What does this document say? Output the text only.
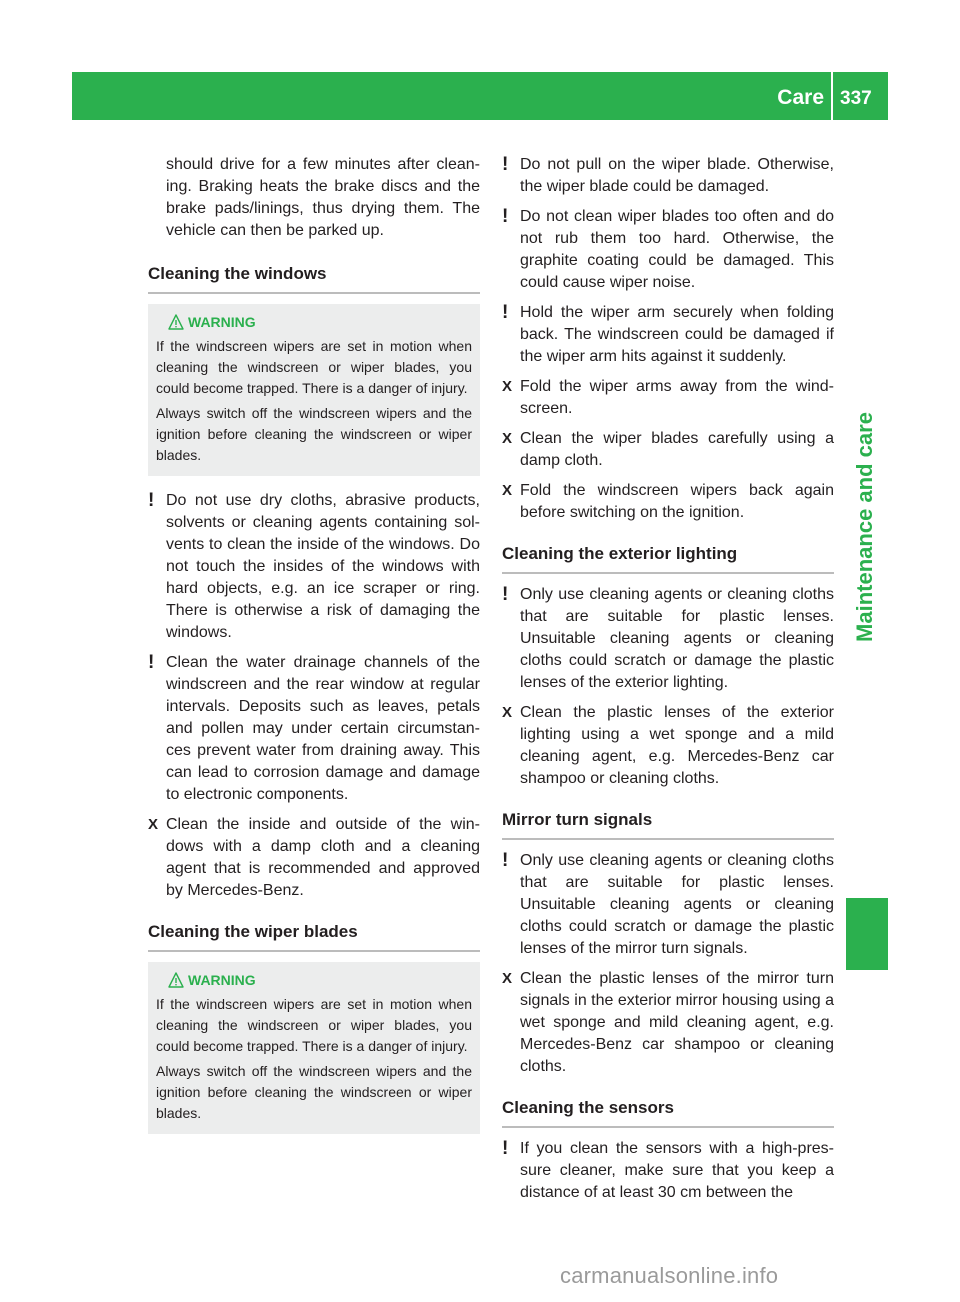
Care 337
Maintenance and care

should drive for a few minutes after clean-ing. Braking heats the brake discs and the brake pads/linings, thus drying them. The vehicle can then be parked up.

Cleaning the windows
WARNING

If the windscreen wipers are set in motion when cleaning the windscreen or wiper blades, you could become trapped. There is a danger of injury.

Always switch off the windscreen wipers and the ignition before cleaning the windscreen or wiper blades.

! Do not use dry cloths, abrasive products, solvents or cleaning agents containing sol-vents to clean the inside of the windows. Do not touch the insides of the windows with hard objects, e.g. an ice scraper or ring. There is otherwise a risk of damaging the windows.
! Clean the water drainage channels of the windscreen and the rear window at regular intervals. Deposits such as leaves, petals and pollen may under certain circumstan-ces prevent water from draining away. This can lead to corrosion damage and damage to electronic components.
X Clean the inside and outside of the win-dows with a damp cloth and a cleaning agent that is recommended and approved by Mercedes-Benz.
Cleaning the wiper blades
WARNING

If the windscreen wipers are set in motion when cleaning the windscreen or wiper blades, you could become trapped. There is a danger of injury.

Always switch off the windscreen wipers and the ignition before cleaning the windscreen or wiper blades.

! Do not pull on the wiper blade. Otherwise, the wiper blade could be damaged.
! Do not clean wiper blades too often and do not rub them too hard. Otherwise, the graphite coating could be damaged. This could cause wiper noise.
! Hold the wiper arm securely when folding back. The windscreen could be damaged if the wiper arm hits against it suddenly.
X Fold the wiper arms away from the wind-screen.
X Clean the wiper blades carefully using a damp cloth.
X Fold the windscreen wipers back again before switching on the ignition.
Cleaning the exterior lighting
! Only use cleaning agents or cleaning cloths that are suitable for plastic lenses. Unsuitable cleaning agents or cleaning cloths could scratch or damage the plastic lenses of the exterior lighting.
X Clean the plastic lenses of the exterior lighting using a wet sponge and a mild cleaning agent, e.g. Mercedes-Benz car shampoo or cleaning cloths.
Mirror turn signals
! Only use cleaning agents or cleaning cloths that are suitable for plastic lenses. Unsuitable cleaning agents or cleaning cloths could scratch or damage the plastic lenses of the mirror turn signals.
X Clean the plastic lenses of the mirror turn signals in the exterior mirror housing using a wet sponge and mild cleaning agent, e.g. Mercedes-Benz car shampoo or cleaning cloths.
Cleaning the sensors
! If you clean the sensors with a high-pres-sure cleaner, make sure that you keep a distance of at least 30 cm between the
carmanualsonline.info
